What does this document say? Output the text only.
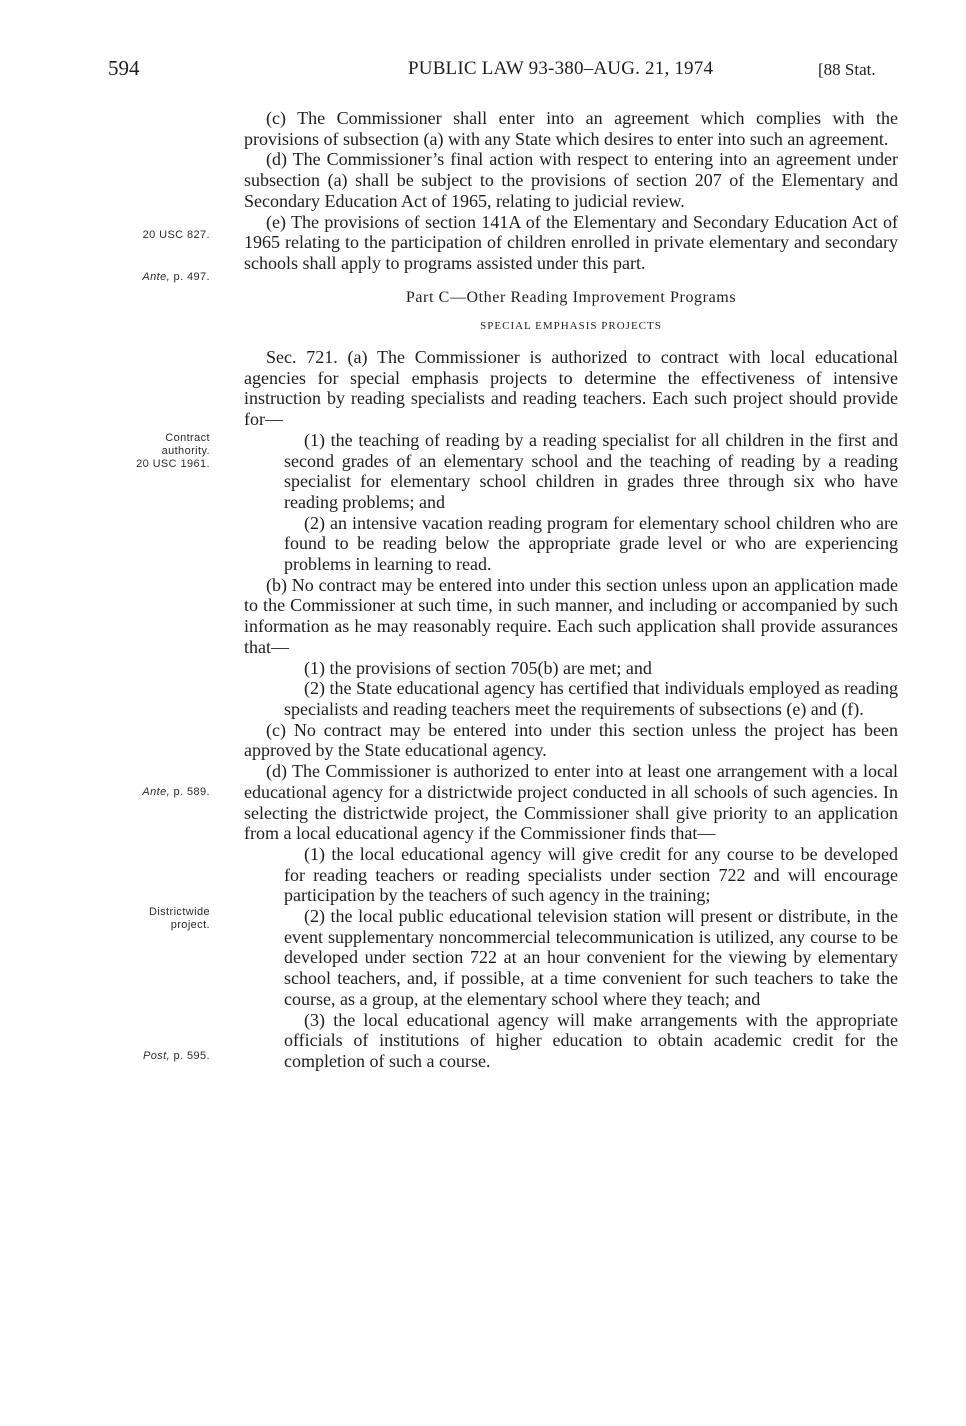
594	PUBLIC LAW 93-380–AUG. 21, 1974	[88 Stat.
20 USC 827.
Ante, p. 497.
Contract
authority.
20 USC 1961.
Ante, p. 589.
Districtwide
project.
Post, p. 595.

(c) The Commissioner shall enter into an agreement which complies with the provisions of subsection (a) with any State which desires to enter into such an agreement.

(d) The Commissioner’s final action with respect to entering into an agreement under subsection (a) shall be subject to the provisions of section 207 of the Elementary and Secondary Education Act of 1965, relating to judicial review.

(e) The provisions of section 141A of the Elementary and Secondary Education Act of 1965 relating to the participation of children enrolled in private elementary and secondary schools shall apply to programs assisted under this part.

Part C—Other Reading Improvement Programs
SPECIAL EMPHASIS PROJECTS

Sec. 721. (a) The Commissioner is authorized to contract with local educational agencies for special emphasis projects to determine the effectiveness of intensive instruction by reading specialists and reading teachers. Each such project should provide for—

(1) the teaching of reading by a reading specialist for all children in the first and second grades of an elementary school and the teaching of reading by a reading specialist for elementary school children in grades three through six who have reading problems; and

(2) an intensive vacation reading program for elementary school children who are found to be reading below the appropriate grade level or who are experiencing problems in learning to read.

(b) No contract may be entered into under this section unless upon an application made to the Commissioner at such time, in such manner, and including or accompanied by such information as he may reasonably require. Each such application shall provide assurances that—

(1) the provisions of section 705(b) are met; and

(2) the State educational agency has certified that individuals employed as reading specialists and reading teachers meet the requirements of subsections (e) and (f).

(c) No contract may be entered into under this section unless the project has been approved by the State educational agency.

(d) The Commissioner is authorized to enter into at least one arrangement with a local educational agency for a districtwide project conducted in all schools of such agencies. In selecting the districtwide project, the Commissioner shall give priority to an application from a local educational agency if the Commissioner finds that—

(1) the local educational agency will give credit for any course to be developed for reading teachers or reading specialists under section 722 and will encourage participation by the teachers of such agency in the training;

(2) the local public educational television station will present or distribute, in the event supplementary noncommercial telecommunication is utilized, any course to be developed under section 722 at an hour convenient for the viewing by elementary school teachers, and, if possible, at a time convenient for such teachers to take the course, as a group, at the elementary school where they teach; and

(3) the local educational agency will make arrangements with the appropriate officials of institutions of higher education to obtain academic credit for the completion of such a course.
